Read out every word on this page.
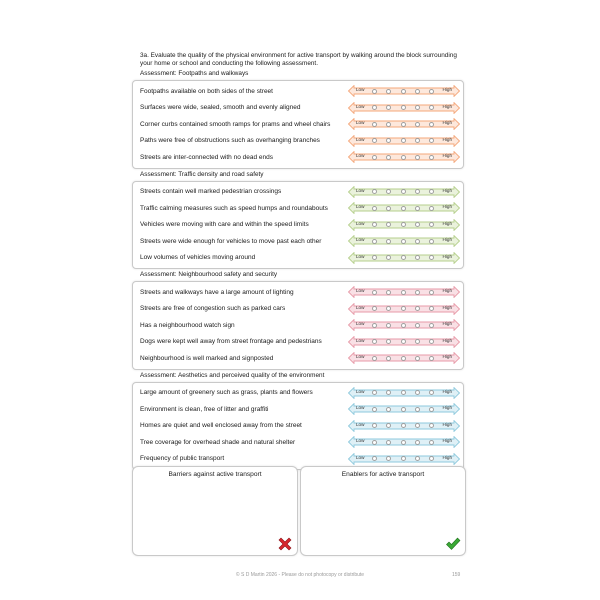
3a. Evaluate the quality of the physical environment for active transport by walking around the block surrounding your home or school and conducting the following assessment.
Assessment: Footpaths and walkways
Footpaths available on both sides of the street	Low	High
Surfaces were wide, sealed, smooth and evenly aligned	Low	High
Corner curbs contained smooth ramps for prams and wheel chairs	Low	High
Paths were free of obstructions such as overhanging branches	Low	High
Streets are inter-connected with no dead ends	Low	High
Assessment: Traffic density and road safety
Streets contain well marked pedestrian crossings	Low	High
Traffic calming measures such as speed humps and roundabouts	Low	High
Vehicles were moving with care and within the speed limits	Low	High
Streets were wide enough for vehicles to move past each other	Low	High
Low volumes of vehicles moving around	Low	High
Assessment: Neighbourhood safety and security
Streets and walkways have a large amount of lighting	Low	High
Streets are free of congestion such as parked cars	Low	High
Has a neighbourhood watch sign	Low	High
Dogs were kept well away from street frontage and pedestrians	Low	High
Neighbourhood is well marked and signposted	Low	High
Assessment: Aesthetics and perceived quality of the environment
Large amount of greenery such as grass, plants and flowers	Low	High
Environment is clean, free of litter and graffiti	Low	High
Homes are quiet and well enclosed away from the street	Low	High
Tree coverage for overhead shade and natural shelter	Low	High
Frequency of public transport	Low	High
Barriers against active transport	Enablers for active transport
© S D Martin 2026 - Please do not photocopy or distribute	159
